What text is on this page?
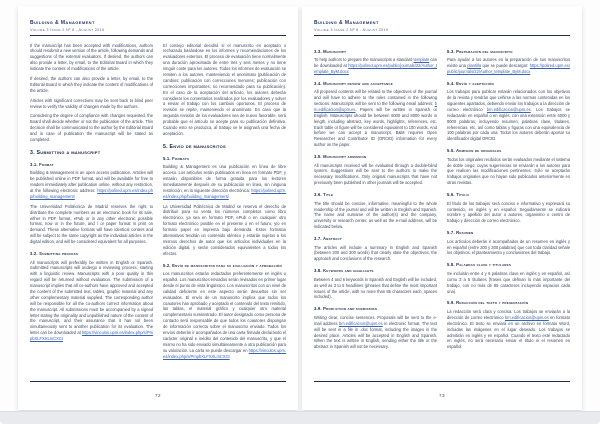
Building & Management
Volume 3 Issue 2 Nº 8 - August 2019

If the manuscript has been accepted with modifications, authors should resubmit a new version of the article, following demands and suggestions of the external evaluators. If desired, the authors can also provide a letter, by email, to the Editorial Board in which they indicate the content of modifications of the article.

If desired, the authors can also provide a letter, by email, to the Editorial Board in which they indicate the content of modifications of the article.

Articles with significant corrections may be sent back to blind peer review to verify the validity of changes made by the authors.

Considering the degree of compliance with changes requested, the Board shall decide whether or not the publication of the article. This decision shall be communicated to the author by the Editorial Board and in case of publication the manuscript will be stated as completed.

3. Submitting a manuscript
3.1. Format

Building & Management is an open access publication. Articles will be published online in PDF format, and will be available for free to readers immediately after publication online, without any restriction, at the following electronic address: https://polired.upm.es/index.php/building_management/

The Universidad Politécnica de Madrid reserves the right to distribute the complete numbers as an electronic book for its sale, either in PDF format, ePub or in any other electronic possible format, now or in the future, and / or paper format in print on demand. These alternative formats will have identical content and will be subject to the same copyright as the individual articles in the digital edition, and will be considered equivalent for all purposes.

3.2. Submitting process

All manuscripts will preferably be written in English or Spanish. Submitted manuscripts will undergo a reviewing process, starting with a linguistic review. Manuscripts with a poor quality in this regard will be returned without evaluation. The submission of a manuscript implies that all co-authors have approved and accepted the content of the submitted text, tables, graphic material and any other complementary material supplied. The corresponding author will be responsible for all the co-authors correct information about the manuscript. All submissions must be accompanied by a signed letter stating the originality and unpublished nature of the content of the manuscript, and their assurance that it has not been simultaneously sent to another publication for its evaluation. The letter can be downloaded at https://vinculos.upm.es/index.php/s/PmpbXLFXXLmCXCt

El consejo editorial decidirá si el manuscrito es aceptado o rechazado basándose en los informes y recomendaciones de los evaluadores externos. El proceso de evaluación tiene normalmente una duración aproximada de entre tres y seis meses y no tiene ningún coste para los autores. Todos los informes de evaluación se remiten a los autores, manteniendo el anonimato (publicación de cambios; publicación con correcciones menores; publicación con correcciones importantes; no recomendado para su publicación). En el caso de la aceptación del artículo, los autores deberán considerar los comentarios realizados por los evaluadores y volver a enviar el trabajo con los cambios oportunos. El proceso de revisión se repite, manteniendo el anonimato. En caso que la segunda revisión de los evaluadores sea de nuevo favorable, será probable que el artículo se acepte para su publicación definitiva. Cuando esto se produzca, al trabajo se le asignará una fecha de aceptación.

5. Envío de manuscritos
5.1. Formato

Building & Management es una publicación en línea de libre acceso. Los artículos serán publicados en línea en formato PDF, y estarán disponibles de forma gratuita para los lectores inmediatamente después de su publicación en línea, sin ninguna restricción, en la siguiente dirección electrónica: https://polired.upm.es/index.php/building_management/

La Universidad Politécnica de Madrid se reserva el derecho de distribuir para su venta los números completos como libro electrónico, ya sea en formato PDF, ePub o en cualquier otro formato electrónico posible en el presente o en el futuro, y/o en formato papel en imprenta bajo demanda. Estos formatos alternativos tendrán un contenido idéntico y estarán sujetos a los mismos derechos de autor que los artículos individuales en la edición digital, y serán considerados equivalentes a todos los efectos.

5.2. Envío de manuscritos para su evaluación y aprobación

Los manuscritos estarán redactados preferentemente en inglés o español. Los manuscritos enviados serán revisados en primer lugar desde el punto de vista lingüístico. Los manuscritos con un nivel de calidad deficiente en este aspecto serán devueltos sin ser evaluados. El envío de un manuscrito implica que todos los coautores han aprobado y aceptado el contenido del texto remitido, las tablas, el material gráfico y cualquier otro material complementario suministrado. El autor designado como persona de contacto será responsable de que todos los coautores dispongan de información correcta sobre el manuscrito enviado. Todos los envíos deberán ir acompañados de una carta firmada declarando el carácter original e inédito del contenido del manuscrito, y que el mismo no ha sido enviado simultáneamente a otra publicación para su valoración. La carta se puede descargar en https://vinculos.upm.es/index.php/s/PmpbXLFXXLmCXCt

72
Building & Management
Volume 3 Issue 2 Nº 8 - August 2019
3.3. Manuscript

To help authors to prepare the manuscripts a standard template can be downloaded at https://polired.upm.es/public/journals/22/Author_template_ByM.docx

3.4. Manuscript review and acceptance

All proposed contents will be related to the objectives of the journal and will have to adhere to the rules contained in the following sections. Manuscripts will be sent to the following email address: bm.edificacion@upm.es. Papers will be written in Spanish or English. Manuscripts should be between 6000 and 8000 words in length, including abstract, key words, highlights, references, etc. Each table or figure will be considered equivalent to 100 words. And before we can accept a manuscript, B&M requires Open Researcher and Contributor ID (ORCID) information for every author on the paper.

3.5. Manuscript admission

All manuscripts received will be evaluated through a double-blind system. Suggestions will be sent to the authors to make the necessary modifications. Only original manuscripts that have not previously been published in other journals will be accepted.

3.6. Title

The title should be concise, informative, meaningful to the whole readership of the journal and will be written in English and Spanish. The name and surname of the author(s) and the company, university or research center, as well as the e-mail address, will be indicated below.

3.7. Abstract

The articles will include a summary in English and Spanish (between 200 and 300 words) that clearly state the objectives, the approach and conclusions of the research.

3.8. Keywords and highlights

Between 4 and 6 keywords in Spanish and English will be included, as well as 3 to 5 headlines (phrases that define the most important issues of the article, with no more than 85 characters each, spaces included).

3.9. Production and submission

Writing clear, concise sentences. Proposals will be sent to the e-mail address bm.edificacion@upm.es in electronic format. The text will be sent in a file in .doc format, including the images in the desired place. Articles will be accepted in English and Spanish. When the text is written in English, sending either the title or the abstract in Spanish will not be necessary.

5.3. Preparación del manuscrito

Para ayudar a los autores en la preparación de sus manuscritos existe una plantilla que se puede descargar: https://polired.upm.es/public/journals/22/Author_template_ByM.docx

5.4. Envío y aceptación

Los trabajos para publicar estarán relacionados con los objetivos de la revista y tendrán que ceñirse a las normas contenidas en los siguientes apartados, debiendo enviar los trabajos a la dirección de correo electrónico bm.edificacion@upm.es. Los trabajos se redactarán en español o en inglés, con una extensión entre 6000 y 8000 palabras, incluyendo resumen, palabras clave, titulares, referencias, etc, así como tablas y figuras con una equivalencia de 100 palabras por cada una. Todos los autores deberán aportar su identificador digital ORCID.

5.5. Admisión de originales

Todos los originales recibidos serán evaluados mediante el sistema de doble ciego; cuyas sugerencias se enviarán a los autores para que realicen las modificaciones pertinentes. Sólo se aceptarán trabajos originales que no hayan sido publicados anteriormente en otras revistas.

5.6. Título

El título de los trabajos será conciso e informativo y expresará su contenido, en inglés y en español. Seguidamente se indicará nombre y apellido del autor o autores, organismo o centro de trabajo y dirección de correo electrónico.

5.7. Resumen

Los artículos deberán ir acompañados de un resumen en inglés y en español (entre 200 y 300 palabras) que con toda claridad señale los objetivos, el planteamiento y conclusiones del trabajo.

5.8. Palabras clave y titulares

Se incluirán entre 4 y 6 palabras clave en inglés y en español, así como 3 a 5 titulares (frases que definan lo más importante del trabajo, con no más de 85 caracteres incluyendo espacios cada una).

5.9. Redacción del texto y presentación

La redacción será clara y concisa. Los trabajos se enviarán a la dirección de correo electrónico bm.edificacion@upm.es en formato electrónico. El texto se enviará en un archivo en formato Word, incluidas las imágenes en el lugar deseado. Los trabajos se admitirán en inglés y en español. Cuando el texto esté redactado en inglés, no será necesario enviar el título ni el resumen en español.

73
